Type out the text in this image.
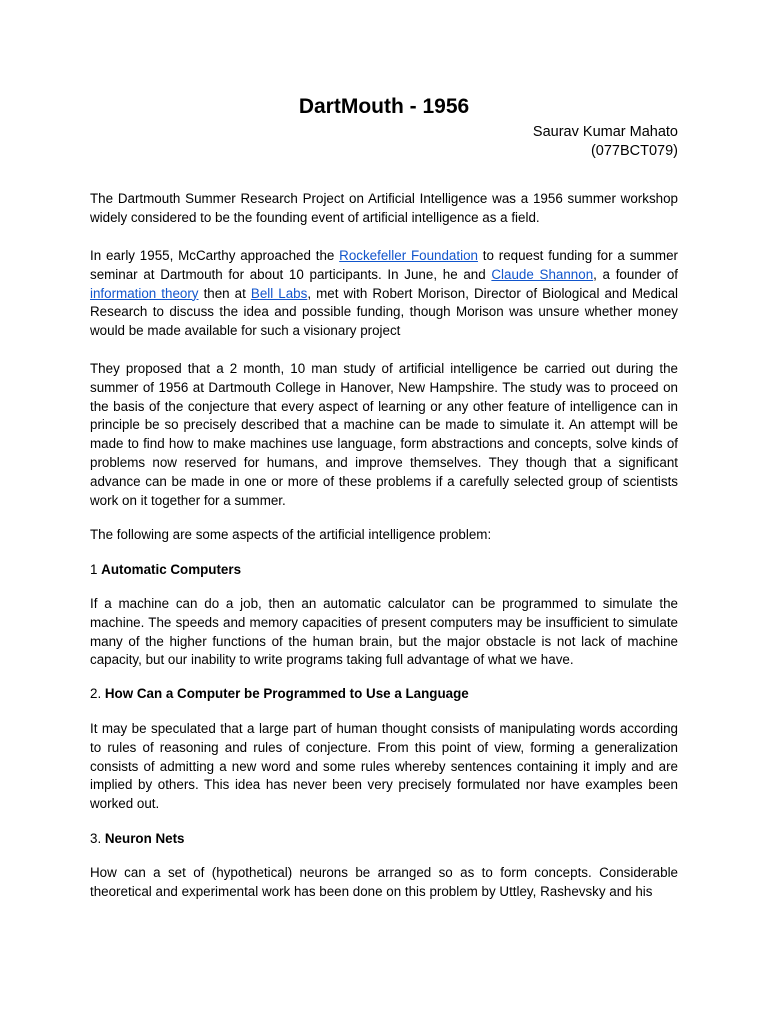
DartMouth - 1956
Saurav Kumar Mahato
(077BCT079)

The Dartmouth Summer Research Project on Artificial Intelligence was a 1956 summer workshop widely considered to be the founding event of artificial intelligence as a field.

In early 1955, McCarthy approached the Rockefeller Foundation to request funding for a summer seminar at Dartmouth for about 10 participants. In June, he and Claude Shannon, a founder of information theory then at Bell Labs, met with Robert Morison, Director of Biological and Medical Research to discuss the idea and possible funding, though Morison was unsure whether money would be made available for such a visionary project

They proposed that a 2 month, 10 man study of artificial intelligence be carried out during the summer of 1956 at Dartmouth College in Hanover, New Hampshire. The study was to proceed on the basis of the conjecture that every aspect of learning or any other feature of intelligence can in principle be so precisely described that a machine can be made to simulate it. An attempt will be made to find how to make machines use language, form abstractions and concepts, solve kinds of problems now reserved for humans, and improve themselves. They though that a significant advance can be made in one or more of these problems if a carefully selected group of scientists work on it together for a summer.

The following are some aspects of the artificial intelligence problem:

1 Automatic Computers

If a machine can do a job, then an automatic calculator can be programmed to simulate the machine. The speeds and memory capacities of present computers may be insufficient to simulate many of the higher functions of the human brain, but the major obstacle is not lack of machine capacity, but our inability to write programs taking full advantage of what we have.

2. How Can a Computer be Programmed to Use a Language

It may be speculated that a large part of human thought consists of manipulating words according to rules of reasoning and rules of conjecture. From this point of view, forming a generalization consists of admitting a new word and some rules whereby sentences containing it imply and are implied by others. This idea has never been very precisely formulated nor have examples been worked out.

3. Neuron Nets

How can a set of (hypothetical) neurons be arranged so as to form concepts. Considerable theoretical and experimental work has been done on this problem by Uttley, Rashevsky and his
